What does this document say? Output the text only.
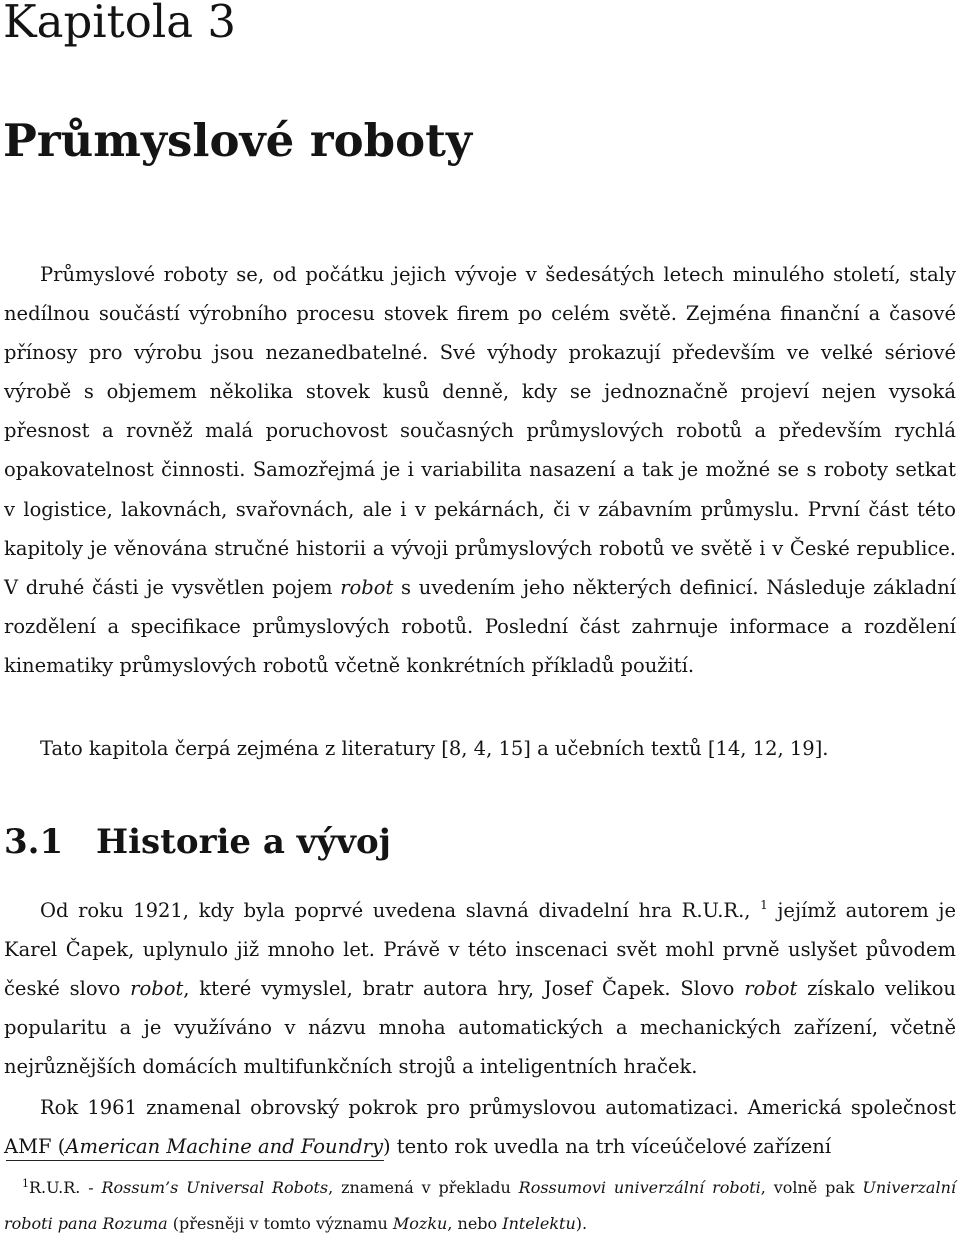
Kapitola 3
Průmyslové roboty

Průmyslové roboty se, od počátku jejich vývoje v šedesátých letech minulého století, staly nedílnou součástí výrobního procesu stovek firem po celém světě. Zejména finanční a časové přínosy pro výrobu jsou nezanedbatelné. Své výhody prokazují především ve velké sériové výrobě s objemem několika stovek kusů denně, kdy se jednoznačně projeví nejen vysoká přesnost a rovněž malá poruchovost současných průmyslových robotů a především rychlá opakovatelnost činnosti. Samozřejmá je i variabilita nasazení a tak je možné se s roboty setkat v logistice, lakovnách, svařovnách, ale i v pekárnách, či v zábavním průmyslu. První část této kapitoly je věnována stručné historii a vývoji průmyslových robotů ve světě i v České republice. V druhé části je vysvětlen pojem robot s uvedením jeho některých definicí. Následuje základní rozdělení a specifikace průmyslových robotů. Poslední část zahrnuje informace a rozdělení kinematiky průmyslových robotů včetně konkrétních příkladů použití.

Tato kapitola čerpá zejména z literatury [8, 4, 15] a učebních textů [14, 12, 19].

3.1 Historie a vývoj

Od roku 1921, kdy byla poprvé uvedena slavná divadelní hra R.U.R., $^1$ jejímž autorem je Karel Čapek, uplynulo již mnoho let. Právě v této inscenaci svět mohl prvně uslyšet původem české slovo robot, které vymyslel, bratr autora hry, Josef Čapek. Slovo robot získalo velikou popularitu a je využíváno v názvu mnoha automatických a mechanických zařízení, včetně nejrůznějších domácích multifunkčních strojů a inteligentních hraček.

Rok 1961 znamenal obrovský pokrok pro průmyslovou automatizaci. Americká společnost AMF (American Machine and Foundry) tento rok uvedla na trh víceúčelové zařízení

$^1$R.U.R. - Rossum’s Universal Robots, znamená v překladu Rossumovi univerzální roboti, volně pak Univerzalní roboti pana Rozuma (přesněji v tomto významu Mozku, nebo Intelektu).
